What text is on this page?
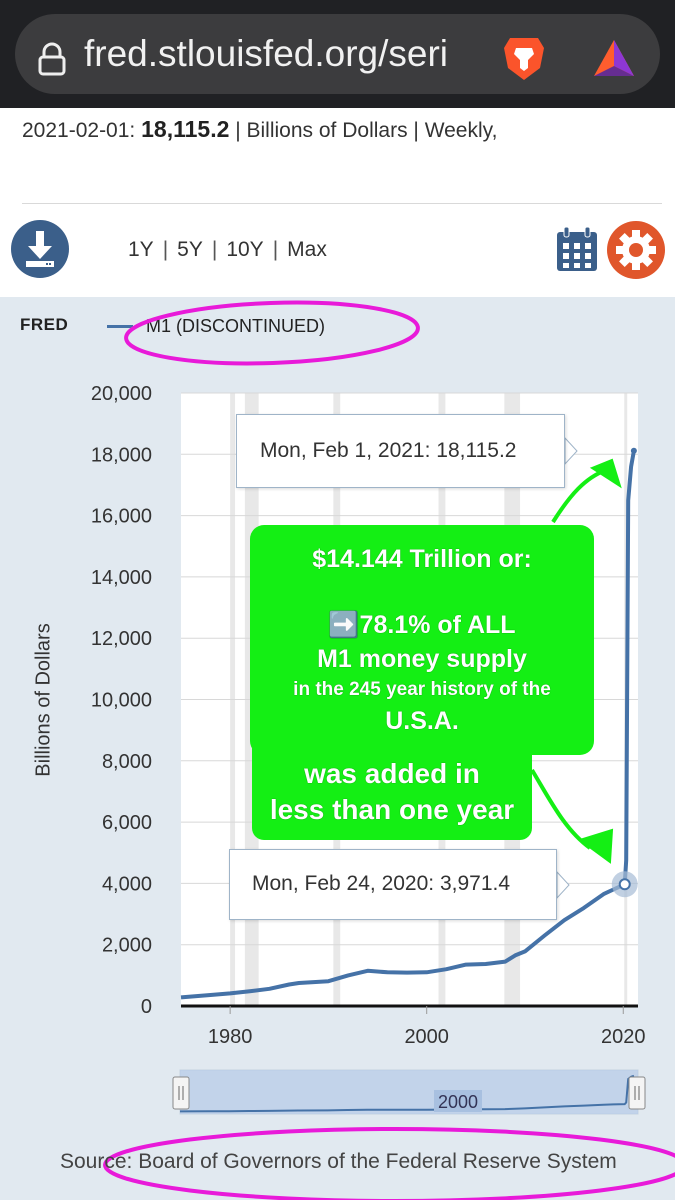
fred.stlouisfed.org/seri
2021-02-01: 18,115.2 | Billions of Dollars | Weekly,
1Y | 5Y | 10Y | Max
FRED	M1 (DISCONTINUED)
Billions of Dollars
20,000
18,000
16,000
14,000
12,000
10,000
8,000
6,000
4,000
2,000
0
1980	2000	2020
2000
Mon, Feb 1, 2021: 18,115.2
Mon, Feb 24, 2020: 3,971.4
$14.144 Trillion or:
➡️78.1% of ALL
M1 money supply
in the 245 year history of the
U.S.A.
was added in
less than one year
Source: Board of Governors of the Federal Reserve System
